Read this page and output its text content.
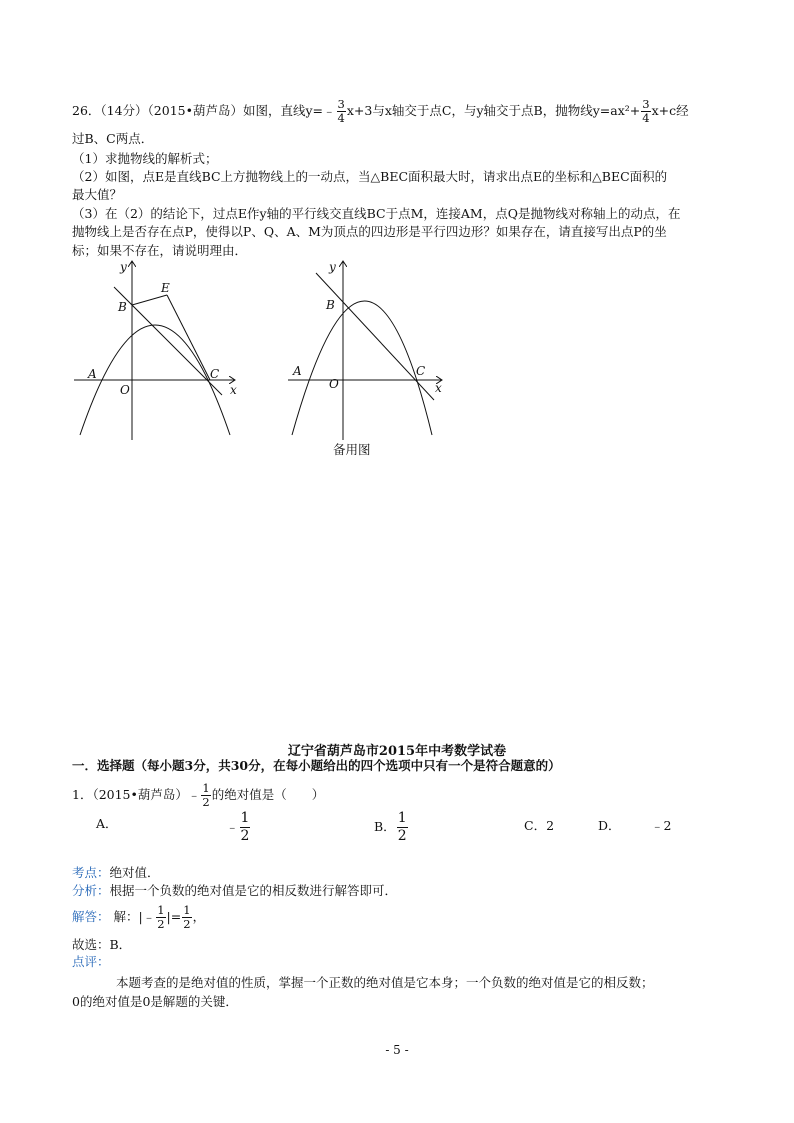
26．（14分）（2015•葫芦岛）如图，直线y=﹣ $\frac{3}{4} x+3$与x轴交于点C，与y轴交于点B，抛物线$y=ax^2+ \frac{3}{4} x+c$经
过B、C两点．
（1）求抛物线的解析式；
（2）如图，点E是直线BC上方抛物线上的一动点，当△BEC面积最大时，请求出点E的坐标和△BEC面积的
最大值？
（3）在（2）的结论下，过点E作y轴的平行线交直线BC于点M，连接AM，点Q是抛物线对称轴上的动点，在
抛物线上是否存在点P，使得以P、Q、A、M为顶点的四边形是平行四边形？如果存在，请直接写出点P的坐
标；如果不存在，请说明理由．
y
x
B
E
A
O
C
y
x
B
A
O
C
备用图
辽宁省葫芦岛市2015年中考数学试卷
一．选择题（每小题3分，共30分，在每小题给出的四个选项中只有一个是符合题意的）
1．（2015•葫芦岛）﹣ $\frac{1}{2}$ 的绝对值是（　　）
A．	﹣ $\frac{1}{2}$	B． $\frac{1}{2}$	C．2	D． ﹣2
考点：绝对值．
分析：根据一个负数的绝对值是它的相反数进行解答即可．
解答： 解：|﹣ $\frac{1}{2}$ |= $\frac{1}{2}$ ，
故选：B．
点评：
本题考查的是绝对值的性质，掌握一个正数的绝对值是它本身；一个负数的绝对值是它的相反数；
0的绝对值是0是解题的关键．
- 5 -
